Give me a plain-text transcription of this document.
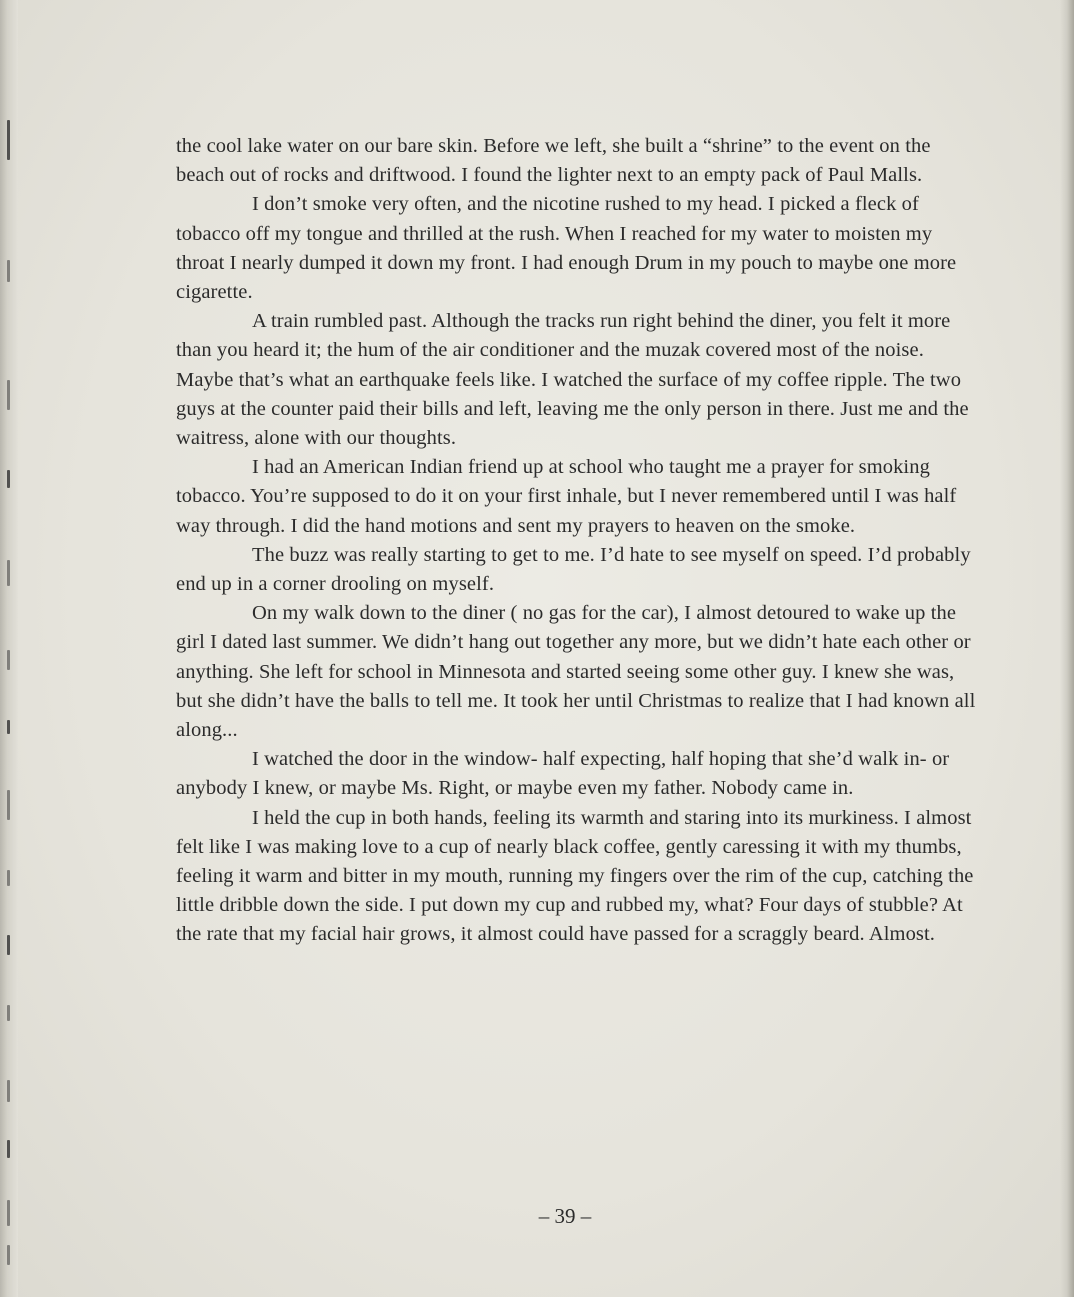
the cool lake water on our bare skin. Before we left, she built a “shrine” to the event on the beach out of rocks and driftwood. I found the lighter next to an empty pack of Paul Malls.

I don’t smoke very often, and the nicotine rushed to my head. I picked a fleck of tobacco off my tongue and thrilled at the rush. When I reached for my water to moisten my throat I nearly dumped it down my front. I had enough Drum in my pouch to maybe one more cigarette.

A train rumbled past. Although the tracks run right behind the diner, you felt it more than you heard it; the hum of the air conditioner and the muzak covered most of the noise. Maybe that’s what an earthquake feels like. I watched the surface of my coffee ripple. The two guys at the counter paid their bills and left, leaving me the only person in there. Just me and the waitress, alone with our thoughts.

I had an American Indian friend up at school who taught me a prayer for smoking tobacco. You’re supposed to do it on your first inhale, but I never remembered until I was half way through. I did the hand motions and sent my prayers to heaven on the smoke.

The buzz was really starting to get to me. I’d hate to see myself on speed. I’d probably end up in a corner drooling on myself.

On my walk down to the diner ( no gas for the car), I almost detoured to wake up the girl I dated last summer. We didn’t hang out together any more, but we didn’t hate each other or anything. She left for school in Minnesota and started seeing some other guy. I knew she was, but she didn’t have the balls to tell me. It took her until Christmas to realize that I had known all along...

I watched the door in the window- half expecting, half hoping that she’d walk in- or anybody I knew, or maybe Ms. Right, or maybe even my father. Nobody came in.

I held the cup in both hands, feeling its warmth and staring into its murkiness. I almost felt like I was making love to a cup of nearly black coffee, gently caressing it with my thumbs, feeling it warm and bitter in my mouth, running my fingers over the rim of the cup, catching the little dribble down the side. I put down my cup and rubbed my, what? Four days of stubble? At the rate that my facial hair grows, it almost could have passed for a scraggly beard. Almost.

– 39 –
